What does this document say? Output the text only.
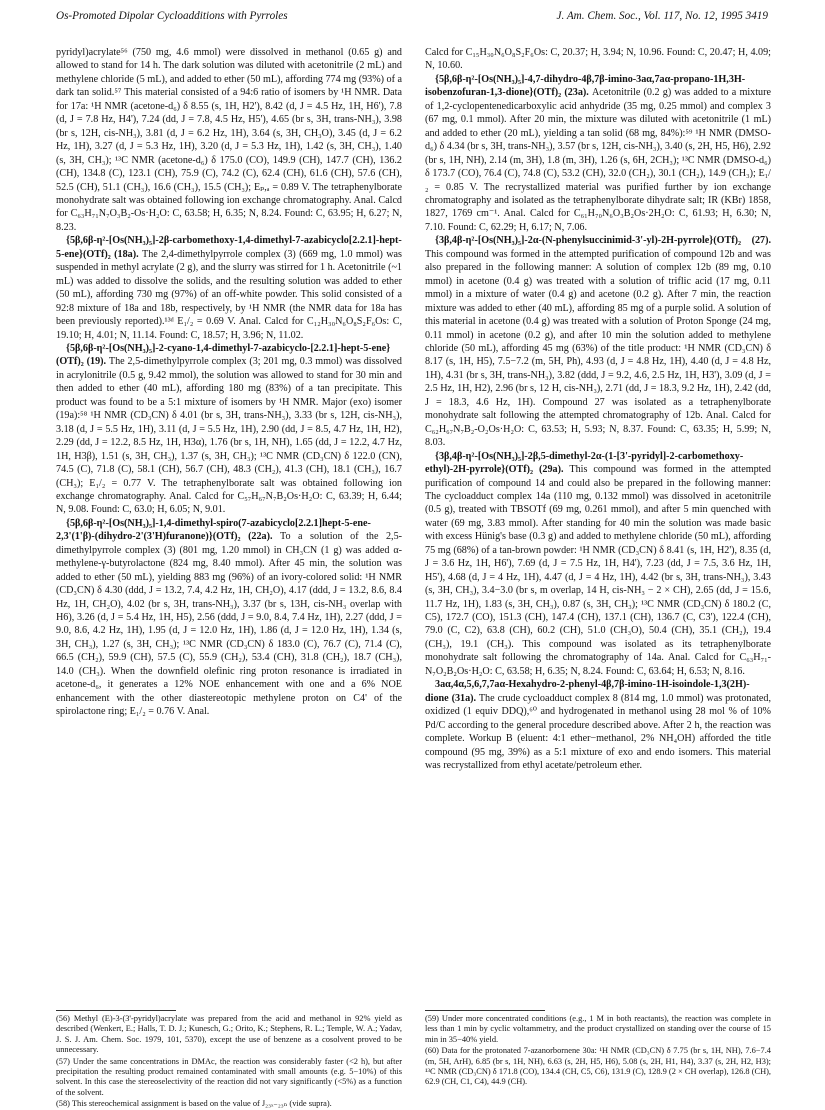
Os-Promoted Dipolar Cycloadditions with Pyrroles	J. Am. Chem. Soc., Vol. 117, No. 12, 1995 3419

pyridyl)acrylate⁵⁶ (750 mg, 4.6 mmol) were dissolved in methanol (0.65 g) and allowed to stand for 14 h. The dark solution was diluted with acetonitrile (2 mL) and methylene chloride (5 mL), and added to ether (50 mL), affording 774 mg (93%) of a dark tan solid.⁵⁷ This material consisted of a 94:6 ratio of isomers by ¹H NMR. Data for 17a: ¹H NMR (acetone-d₆) δ 8.55 (s, 1H, H2'), 8.42 (d, J = 4.5 Hz, 1H, H6'), 7.8 (d, J = 7.8 Hz, H4'), 7.24 (dd, J = 7.8, 4.5 Hz, H5'), 4.65 (br s, 3H, trans-NH₃), 3.98 (br s, 12H, cis-NH₃), 3.81 (d, J = 6.2 Hz, 1H), 3.64 (s, 3H, CH₃O), 3.45 (d, J = 6.2 Hz, 1H), 3.27 (d, J = 5.3 Hz, 1H), 3.20 (d, J = 5.3 Hz, 1H), 1.42 (s, 3H, CH₃), 1.40 (s, 3H, CH₃); ¹³C NMR (acetone-d₆) δ 175.0 (CO), 149.9 (CH), 147.7 (CH), 136.2 (CH), 134.8 (C), 123.1 (CH), 75.9 (C), 74.2 (C), 62.4 (CH), 61.6 (CH), 57.6 (CH), 52.5 (CH), 51.1 (CH₃), 16.6 (CH₃), 15.5 (CH₃); Eₚ,ₐ = 0.89 V. The tetraphenylborate monohydrate salt was obtained following ion exchange chromatography. Anal. Calcd for C₆₃H₇₁N₇O₃B₂-Os·H₂O: C, 63.58; H, 6.35; N, 8.24. Found: C, 63.95; H, 6.27; N, 8.23.

{5β,6β-η²-[Os(NH₃)₅]-2β-carbomethoxy-1,4-dimethyl-7-azabicyclo[2.2.1]-hept-5-ene}(OTf)₂ (18a). The 2,4-dimethylpyrrole complex (3) (669 mg, 1.0 mmol) was suspended in methyl acrylate (2 g), and the slurry was stirred for 1 h. Acetonitrile (~1 mL) was added to dissolve the solids, and the resulting solution was added to ether (50 mL), affording 730 mg (97%) of an off-white powder. This solid consisted of a 92:8 mixture of 18a and 18b, respectively, by ¹H NMR (the NMR data for 18a has been previously reported).¹³ᵈ E₁/₂ = 0.69 V. Anal. Calcd for C₁₂H₃₀N₆O₈S₂F₆Os: C, 19.10; H, 4.01; N, 11.14. Found: C, 18.57; H, 3.96; N, 11.02.

{5β,6β-η²-[Os(NH₃)₅]-2-cyano-1,4-dimethyl-7-azabicyclo-[2.2.1]-hept-5-ene}(OTf)₂ (19). The 2,5-dimethylpyrrole complex (3; 201 mg, 0.3 mmol) was dissolved in acrylonitrile (0.5 g, 9.42 mmol), the solution was allowed to stand for 30 min and then added to ether (40 mL), affording 180 mg (83%) of a tan precipitate. This product was found to be a 5:1 mixture of isomers by ¹H NMR. Major (exo) isomer (19a):⁵⁸ ¹H NMR (CD₃CN) δ 4.01 (br s, 3H, trans-NH₃), 3.33 (br s, 12H, cis-NH₃), 3.18 (d, J = 5.5 Hz, 1H), 3.11 (d, J = 5.5 Hz, 1H), 2.90 (dd, J = 8.5, 4.7 Hz, 1H, H2), 2.29 (dd, J = 12.2, 8.5 Hz, 1H, H3α), 1.76 (br s, 1H, NH), 1.65 (dd, J = 12.2, 4.7 Hz, 1H, H3β), 1.51 (s, 3H, CH₃), 1.37 (s, 3H, CH₃); ¹³C NMR (CD₃CN) δ 122.0 (CN), 74.5 (C), 71.8 (C), 58.1 (CH), 56.7 (CH), 48.3 (CH₂), 41.3 (CH), 18.1 (CH₃), 16.7 (CH₃); E₁/₂ = 0.77 V. The tetraphenylborate salt was obtained following ion exchange chromatography. Anal. Calcd for C₅₇H₆₇N₇B₂Os·H₂O: C, 63.39; H, 6.44; N, 9.08. Found: C, 63.0; H, 6.05; N, 9.01.

{5β,6β-η²-[Os(NH₃)₅]-1,4-dimethyl-spiro(7-azabicyclo[2.2.1]hept-5-ene-2,3'(1'β)-(dihydro-2'(3'H)furanone)}(OTf)₂ (22a). To a solution of the 2,5-dimethylpyrrole complex (3) (801 mg, 1.20 mmol) in CH₃CN (1 g) was added α-methylene-γ-butyrolactone (824 mg, 8.40 mmol). After 45 min, the solution was added to ether (50 mL), yielding 883 mg (96%) of an ivory-colored solid: ¹H NMR (CD₃CN) δ 4.30 (ddd, J = 13.2, 7.4, 4.2 Hz, 1H, CH₂O), 4.17 (ddd, J = 13.2, 8.6, 8.4 Hz, 1H, CH₂O), 4.02 (br s, 3H, trans-NH₃), 3.37 (br s, 13H, cis-NH₃ overlap with H6), 3.26 (d, J = 5.4 Hz, 1H, H5), 2.56 (ddd, J = 9.0, 8.4, 7.4 Hz, 1H), 2.27 (ddd, J = 9.0, 8.6, 4.2 Hz, 1H), 1.95 (d, J = 12.0 Hz, 1H), 1.86 (d, J = 12.0 Hz, 1H), 1.34 (s, 3H, CH₃), 1.27 (s, 3H, CH₃); ¹³C NMR (CD₃CN) δ 183.0 (C), 76.7 (C), 71.4 (C), 66.5 (CH₂), 59.9 (CH), 57.5 (C), 55.9 (CH₂), 53.4 (CH), 31.8 (CH₂), 18.7 (CH₃), 14.0 (CH₃). When the downfield olefinic ring proton resonance is irradiated in acetone-d₆, it generates a 12% NOE enhancement with one and a 6% NOE enhancement with the other diastereotopic methylene proton on C4' of the spirolactone ring; E₁/₂ = 0.76 V. Anal.

(56) Methyl (E)-3-(3'-pyridyl)acrylate was prepared from the acid and methanol in 92% yield as described (Wenkert, E.; Halls, T. D. J.; Kunesch, G.; Orito, K.; Stephens, R. L.; Temple, W. A.; Yadav, J. S. J. Am. Chem. Soc. 1979, 101, 5370), except the use of benzene as a cosolvent proved to be unnecessary.

(57) Under the same concentrations in DMAc, the reaction was considerably faster (<2 h), but after precipitation the resulting product remained contaminated with small amounts (e.g. 5−10%) of this solvent. In this case the stereoselectivity of the reaction did not vary significantly (<5%) as a function of the solvent.

(58) This stereochemical assignment is based on the value of J₂₃ₓ₋₂₃ₙ (vide supra).

Calcd for C₁₅H₃₀N₆O₈S₂F₆Os: C, 20.37; H, 3.94; N, 10.96. Found: C, 20.47; H, 4.09; N, 10.60.

{5β,6β-η²-[Os(NH₃)₅]-4,7-dihydro-4β,7β-imino-3aα,7aα-propano-1H,3H-isobenzofuran-1,3-dione}(OTf)₂ (23a). Acetonitrile (0.2 g) was added to a mixture of 1,2-cyclopentenedicarboxylic acid anhydride (35 mg, 0.25 mmol) and complex 3 (67 mg, 0.1 mmol). After 20 min, the mixture was diluted with acetonitrile (1 mL) and added to ether (20 mL), yielding a tan solid (68 mg, 84%):⁵⁹ ¹H NMR (DMSO-d₆) δ 4.34 (br s, 3H, trans-NH₃), 3.57 (br s, 12H, cis-NH₃), 3.40 (s, 2H, H5, H6), 2.92 (br s, 1H, NH), 2.14 (m, 3H), 1.8 (m, 3H), 1.26 (s, 6H, 2CH₃); ¹³C NMR (DMSO-d₆) δ 173.7 (CO), 76.4 (C), 74.8 (C), 53.2 (CH), 32.0 (CH₂), 30.1 (CH₂), 14.9 (CH₃); E₁/₂ = 0.85 V. The recrystallized material was purified further by ion exchange chromatography and isolated as the tetraphenylborate dihydrate salt; IR (KBr) 1858, 1827, 1769 cm⁻¹. Anal. Calcd for C₆₁H₇₀N₆O₃B₂Os·2H₂O: C, 61.93; H, 6.30; N, 7.10. Found: C, 62.29; H, 6.17; N, 7.06.

{3β,4β-η²-[Os(NH₃)₅]-2α-(N-phenylsuccinimid-3'-yl)-2H-pyrrole}(OTf)₂ (27). This compound was formed in the attempted purification of compound 12b and was also prepared in the following manner: A solution of complex 12b (89 mg, 0.10 mmol) in acetone (0.4 g) was treated with a solution of triflic acid (17 mg, 0.11 mmol) in a mixture of water (0.4 g) and acetone (0.2 g). After 7 min, the reaction mixture was added to ether (40 mL), affording 85 mg of a purple solid. A solution of this material in acetone (0.4 g) was treated with a solution of Proton Sponge (24 mg, 0.11 mmol) in acetone (0.2 g), and after 10 min the solution added to methylene chloride (50 mL), affording 45 mg (63%) of the title product: ¹H NMR (CD₃CN) δ 8.17 (s, 1H, H5), 7.5−7.2 (m, 5H, Ph), 4.93 (d, J = 4.8 Hz, 1H), 4.40 (d, J = 4.8 Hz, 1H), 4.31 (br s, 3H, trans-NH₃), 3.82 (ddd, J = 9.2, 4.6, 2.5 Hz, 1H, H3'), 3.09 (d, J = 2.5 Hz, 1H, H2), 2.96 (br s, 12 H, cis-NH₃), 2.71 (dd, J = 18.3, 9.2 Hz, 1H), 2.42 (dd, J = 18.3, 4.6 Hz, 1H). Compound 27 was isolated as a tetraphenylborate monohydrate salt following the attempted chromatography of 12b. Anal. Calcd for C₆₂H₆₇N₇B₂-O₂Os·H₂O: C, 63.53; H, 5.93; N, 8.37. Found: C, 63.35; H, 5.99; N, 8.03.

{3β,4β-η²-[Os(NH₃)₅]-2β,5-dimethyl-2α-(1-[3'-pyridyl]-2-carbomethoxy-ethyl)-2H-pyrrole}(OTf)₂ (29a). This compound was formed in the attempted purification of compound 14 and could also be prepared in the following manner: The cycloadduct complex 14a (110 mg, 0.132 mmol) was dissolved in acetonitrile (0.5 g), treated with TBSOTf (69 mg, 0.261 mmol), and after 5 min quenched with water (69 mg, 3.83 mmol). After standing for 40 min the solution was made basic with excess Hünig's base (0.3 g) and added to methylene chloride (50 mL), affording 75 mg (68%) of a tan-brown powder: ¹H NMR (CD₃CN) δ 8.41 (s, 1H, H2'), 8.35 (d, J = 3.6 Hz, 1H, H6'), 7.69 (d, J = 7.5 Hz, 1H, H4'), 7.23 (dd, J = 7.5, 3.6 Hz, 1H, H5'), 4.68 (d, J = 4 Hz, 1H), 4.47 (d, J = 4 Hz, 1H), 4.42 (br s, 3H, trans-NH₃), 3.43 (s, 3H, CH₃), 3.4−3.0 (br s, m overlap, 14 H, cis-NH₃ − 2 × CH), 2.65 (dd, J = 15.6, 11.7 Hz, 1H), 1.83 (s, 3H, CH₃), 0.87 (s, 3H, CH₃); ¹³C NMR (CD₃CN) δ 180.2 (C, C5), 172.7 (CO), 151.3 (CH), 147.4 (CH), 137.1 (CH), 136.7 (C, C3'), 122.4 (CH), 79.0 (C, C2), 63.8 (CH), 60.2 (CH), 51.0 (CH₃O), 50.4 (CH), 35.1 (CH₂), 19.4 (CH₃), 19.1 (CH₃). This compound was isolated as its tetraphenylborate monohydrate salt following the chromatography of 14a. Anal. Calcd for C₆₃H₇₁-N₇O₂B₂Os·H₂O: C, 63.58; H, 6.35; N, 8.24. Found: C, 63.64; H, 6.53; N, 8.16.

3aα,4α,5,6,7,7aα-Hexahydro-2-phenyl-4β,7β-imino-1H-isoindole-1,3(2H)-dione (31a). The crude cycloadduct complex 8 (814 mg, 1.0 mmol) was protonated, oxidized (1 equiv DDQ),⁶⁰ and hydrogenated in methanol using 28 mol % of 10% Pd/C according to the general procedure described above. After 2 h, the reaction was complete. Workup B (eluent: 4:1 ether−methanol, 2% NH₄OH) afforded the title compound (95 mg, 39%) as a 5:1 mixture of exo and endo isomers. This material was recrystallized from ethyl acetate/petroleum ether.

(59) Under more concentrated conditions (e.g., 1 M in both reactants), the reaction was complete in less than 1 min by cyclic voltammetry, and the product crystallized on standing over the course of 15 min in 35−40% yield.

(60) Data for the protonated 7-azanorbornene 30a: ¹H NMR (CD₃CN) δ 7.75 (br s, 1H, NH), 7.6−7.4 (m, 5H, ArH), 6.85 (br s, 1H, NH), 6.63 (s, 2H, H5, H6), 5.08 (s, 2H, H1, H4), 3.37 (s, 2H, H2, H3); ¹³C NMR (CD₃CN) δ 171.8 (CO), 134.4 (CH, C5, C6), 131.9 (C), 128.9 (2 × CH overlap), 126.8 (CH), 62.9 (CH, C1, C4), 44.9 (CH).
